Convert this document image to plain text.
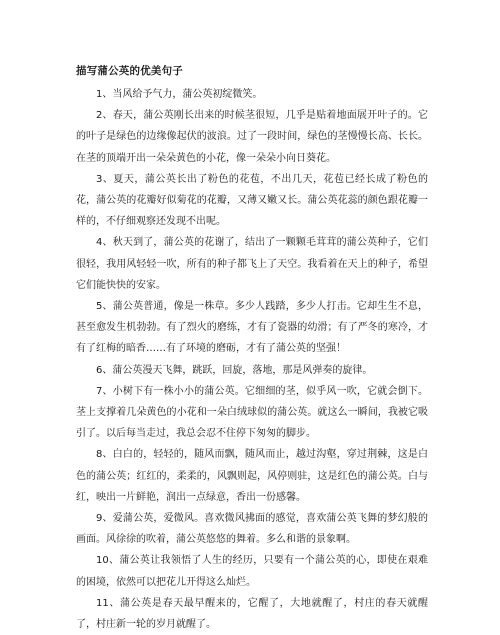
描写蒲公英的优美句子

1、当风给予气力，蒲公英初绽微笑。

2、春天，蒲公英刚长出来的时候茎很短，几乎是贴着地面展开叶子的。它的叶子是绿色的边缘像起伏的波浪。过了一段时间，绿色的茎慢慢长高、长长。在茎的顶端开出一朵朵黄色的小花，像一朵朵小向日葵花。

3、夏天，蒲公英长出了粉色的花苞，不出几天，花苞已经长成了粉色的花，蒲公英的花瓣好似菊花的花瓣，又薄又嫩又长。蒲公英花蕊的颜色跟花瓣一样的，不仔细观察还发现不出呢。

4、秋天到了，蒲公英的花谢了，结出了一颗颗毛茸茸的蒲公英种子，它们很轻，我用风轻轻一吹，所有的种子都飞上了天空。我看着在天上的种子，希望它们能快快的安家。

5、蒲公英普通，像是一株草。多少人践踏，多少人打击。它却生生不息，甚至愈发生机勃勃。有了烈火的磨练，才有了瓷器的幼滑；有了严冬的寒冷，才有了红梅的暗香……有了环境的磨砺，才有了蒲公英的坚强！

6、蒲公英漫天飞舞，跳跃，回旋，落地，那是风弹奏的旋律。

7、小树下有一株小小的蒲公英。它细细的茎，似乎风一吹，它就会倒下。茎上支撑着几朵黄色的小花和一朵白绒球似的蒲公英。就这么一瞬间，我被它吸引了。以后每当走过，我总会忍不住停下匆匆的脚步。

8、白白的，轻轻的，随风而飘，随风而止，越过沟壑，穿过荆棘，这是白色的蒲公英；红红的，柔柔的，风飘则起，风停则驻，这是红色的蒲公英。白与红，映出一片鲜艳，润出一点绿意，香出一份感馨。

9、爱蒲公英，爱微风。喜欢微风拂面的感觉，喜欢蒲公英飞舞的梦幻般的画面。风徐徐的吹着，蒲公英悠悠的舞着。多么和谐的景象啊。

10、蒲公英让我领悟了人生的经历，只要有一个蒲公英的心，即使在艰难的困境，依然可以把花儿开得这么灿烂。

11、蒲公英是春天最早醒来的，它醒了，大地就醒了，村庄的春天就醒了，村庄新一轮的岁月就醒了。
